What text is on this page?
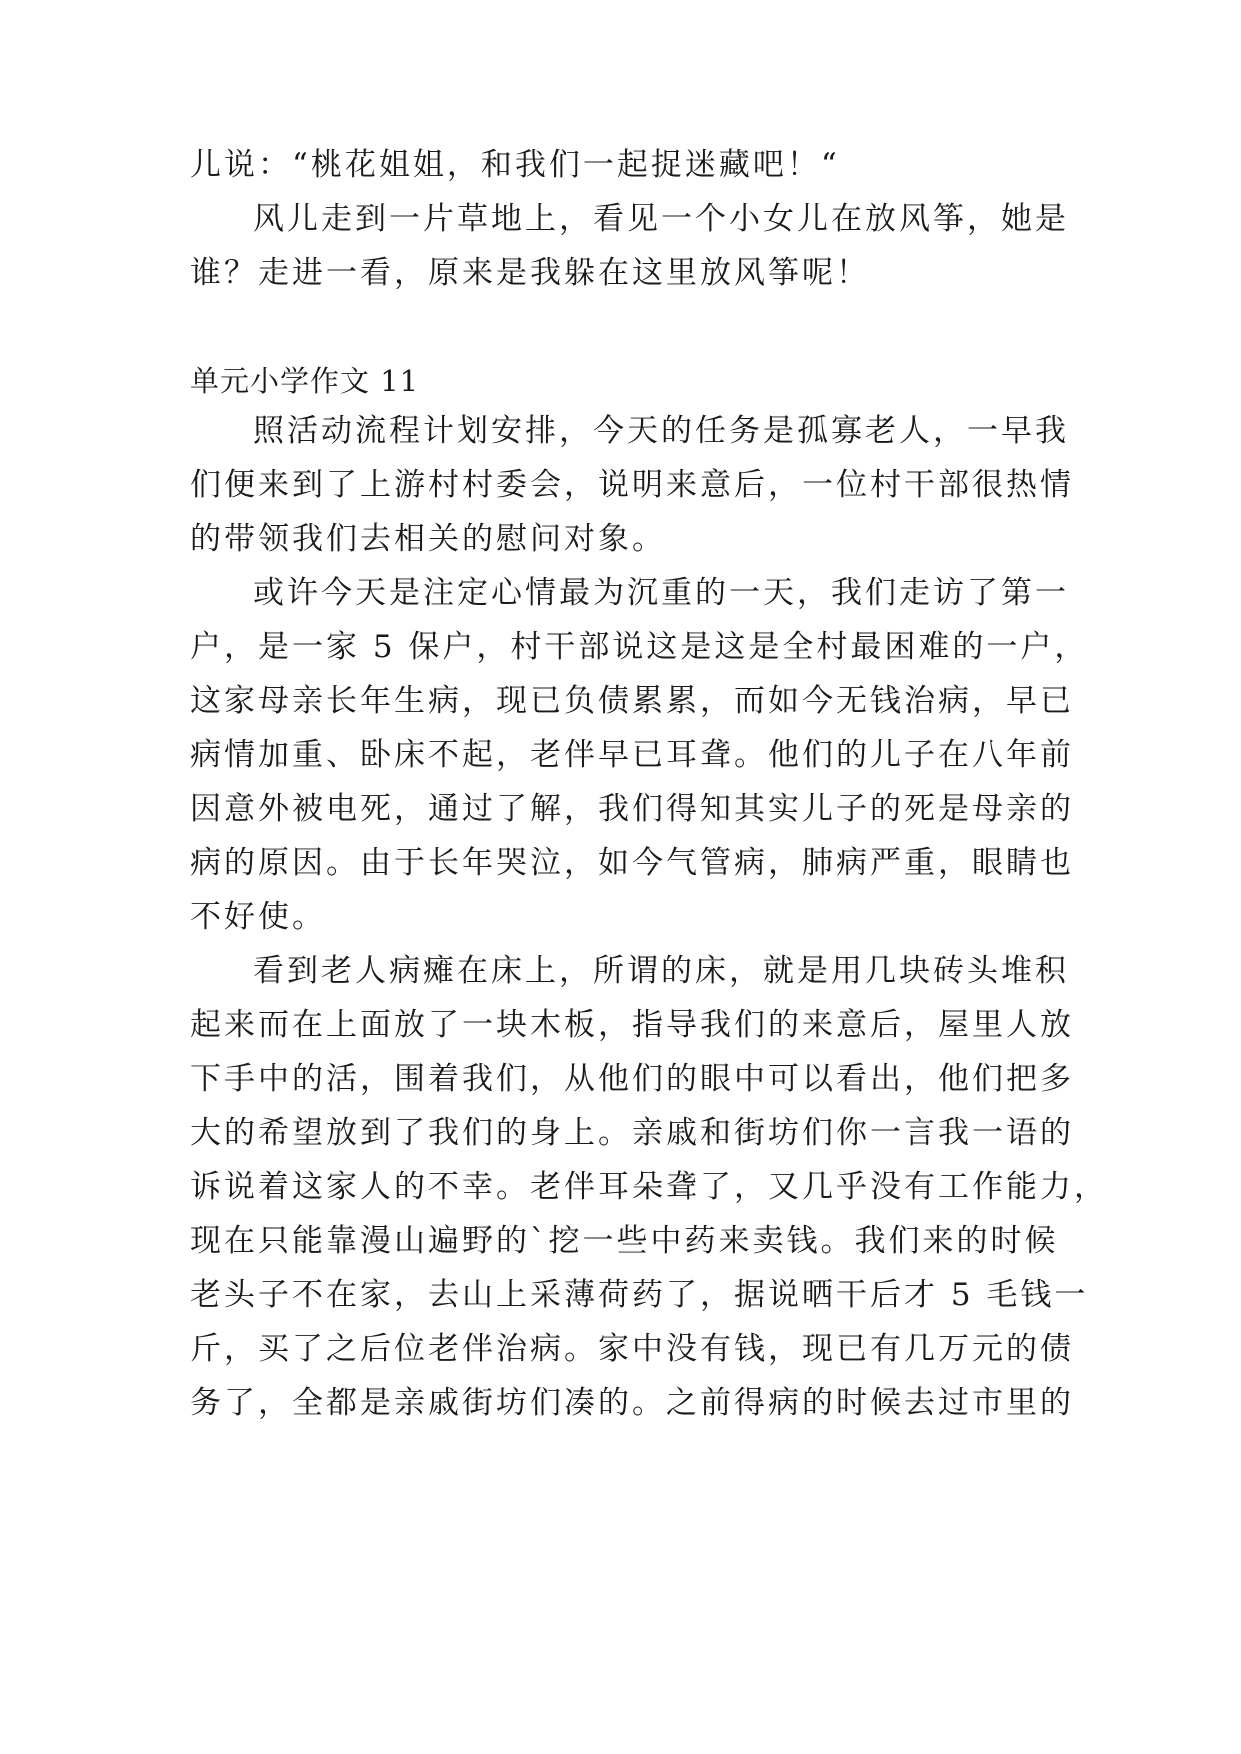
儿说：“桃花姐姐，和我们一起捉迷藏吧！“
风儿走到一片草地上，看见一个小女儿在放风筝，她是
谁？走进一看，原来是我躲在这里放风筝呢！
单元小学作文 11
照活动流程计划安排，今天的任务是孤寡老人，一早我
们便来到了上游村村委会，说明来意后，一位村干部很热情
的带领我们去相关的慰问对象。
或许今天是注定心情最为沉重的一天，我们走访了第一
户，是一家 5 保户，村干部说这是这是全村最困难的一户，
这家母亲长年生病，现已负债累累，而如今无钱治病，早已
病情加重、卧床不起，老伴早已耳聋。他们的儿子在八年前
因意外被电死，通过了解，我们得知其实儿子的死是母亲的
病的原因。由于长年哭泣，如今气管病，肺病严重，眼睛也
不好使。
看到老人病瘫在床上，所谓的床，就是用几块砖头堆积
起来而在上面放了一块木板，指导我们的来意后，屋里人放
下手中的活，围着我们，从他们的眼中可以看出，他们把多
大的希望放到了我们的身上。亲戚和街坊们你一言我一语的
诉说着这家人的不幸。老伴耳朵聋了，又几乎没有工作能力，
现在只能靠漫山遍野的`挖一些中药来卖钱。我们来的时候
老头子不在家，去山上采薄荷药了，据说晒干后才 5 毛钱一
斤，买了之后位老伴治病。家中没有钱，现已有几万元的债
务了，全都是亲戚街坊们凑的。之前得病的时候去过市里的
